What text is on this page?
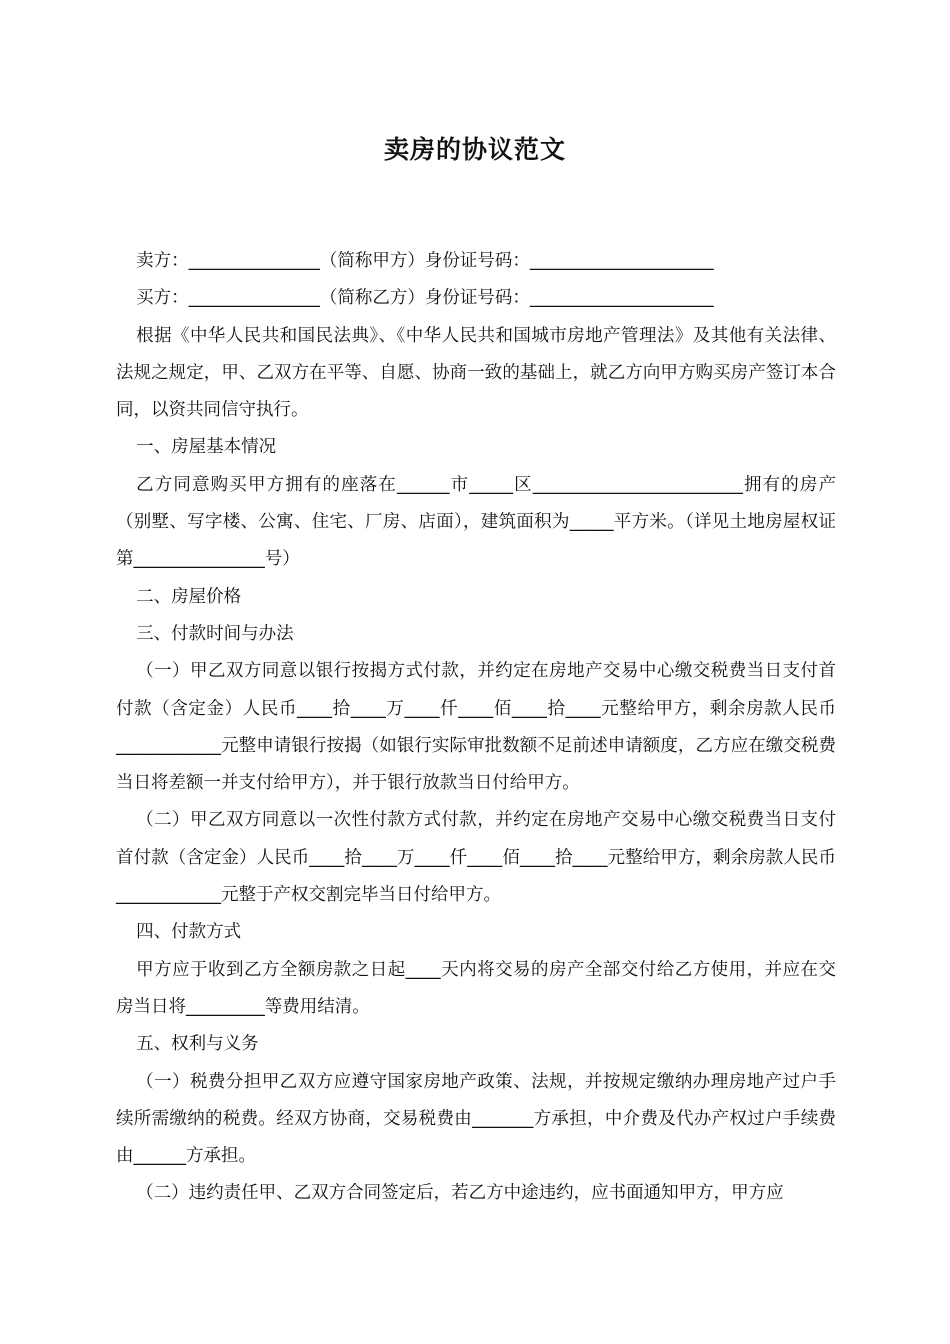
卖房的协议范文

卖方：_______________（简称甲方）身份证号码：_____________________

买方：_______________（简称乙方）身份证号码：_____________________

根据《中华人民共和国民法典》、《中华人民共和国城市房地产管理法》及其他有关法律、法规之规定，甲、乙双方在平等、自愿、协商一致的基础上，就乙方向甲方购买房产签订本合同，以资共同信守执行。

一、房屋基本情况

乙方同意购买甲方拥有的座落在______市_____区________________________拥有的房产（别墅、写字楼、公寓、住宅、厂房、店面），建筑面积为_____平方米。（详见土地房屋权证第_______________号）

二、房屋价格

三、付款时间与办法

（一）甲乙双方同意以银行按揭方式付款，并约定在房地产交易中心缴交税费当日支付首付款（含定金）人民币____拾____万____仟____佰____拾____元整给甲方，剩余房款人民币____________元整申请银行按揭（如银行实际审批数额不足前述申请额度，乙方应在缴交税费当日将差额一并支付给甲方），并于银行放款当日付给甲方。

（二）甲乙双方同意以一次性付款方式付款，并约定在房地产交易中心缴交税费当日支付首付款（含定金）人民币____拾____万____仟____佰____拾____元整给甲方，剩余房款人民币____________元整于产权交割完毕当日付给甲方。

四、付款方式

甲方应于收到乙方全额房款之日起____天内将交易的房产全部交付给乙方使用，并应在交房当日将_________等费用结清。

五、权利与义务

（一）税费分担甲乙双方应遵守国家房地产政策、法规，并按规定缴纳办理房地产过户手续所需缴纳的税费。经双方协商，交易税费由_______方承担，中介费及代办产权过户手续费由______方承担。

（二）违约责任甲、乙双方合同签定后，若乙方中途违约，应书面通知甲方，甲方应
